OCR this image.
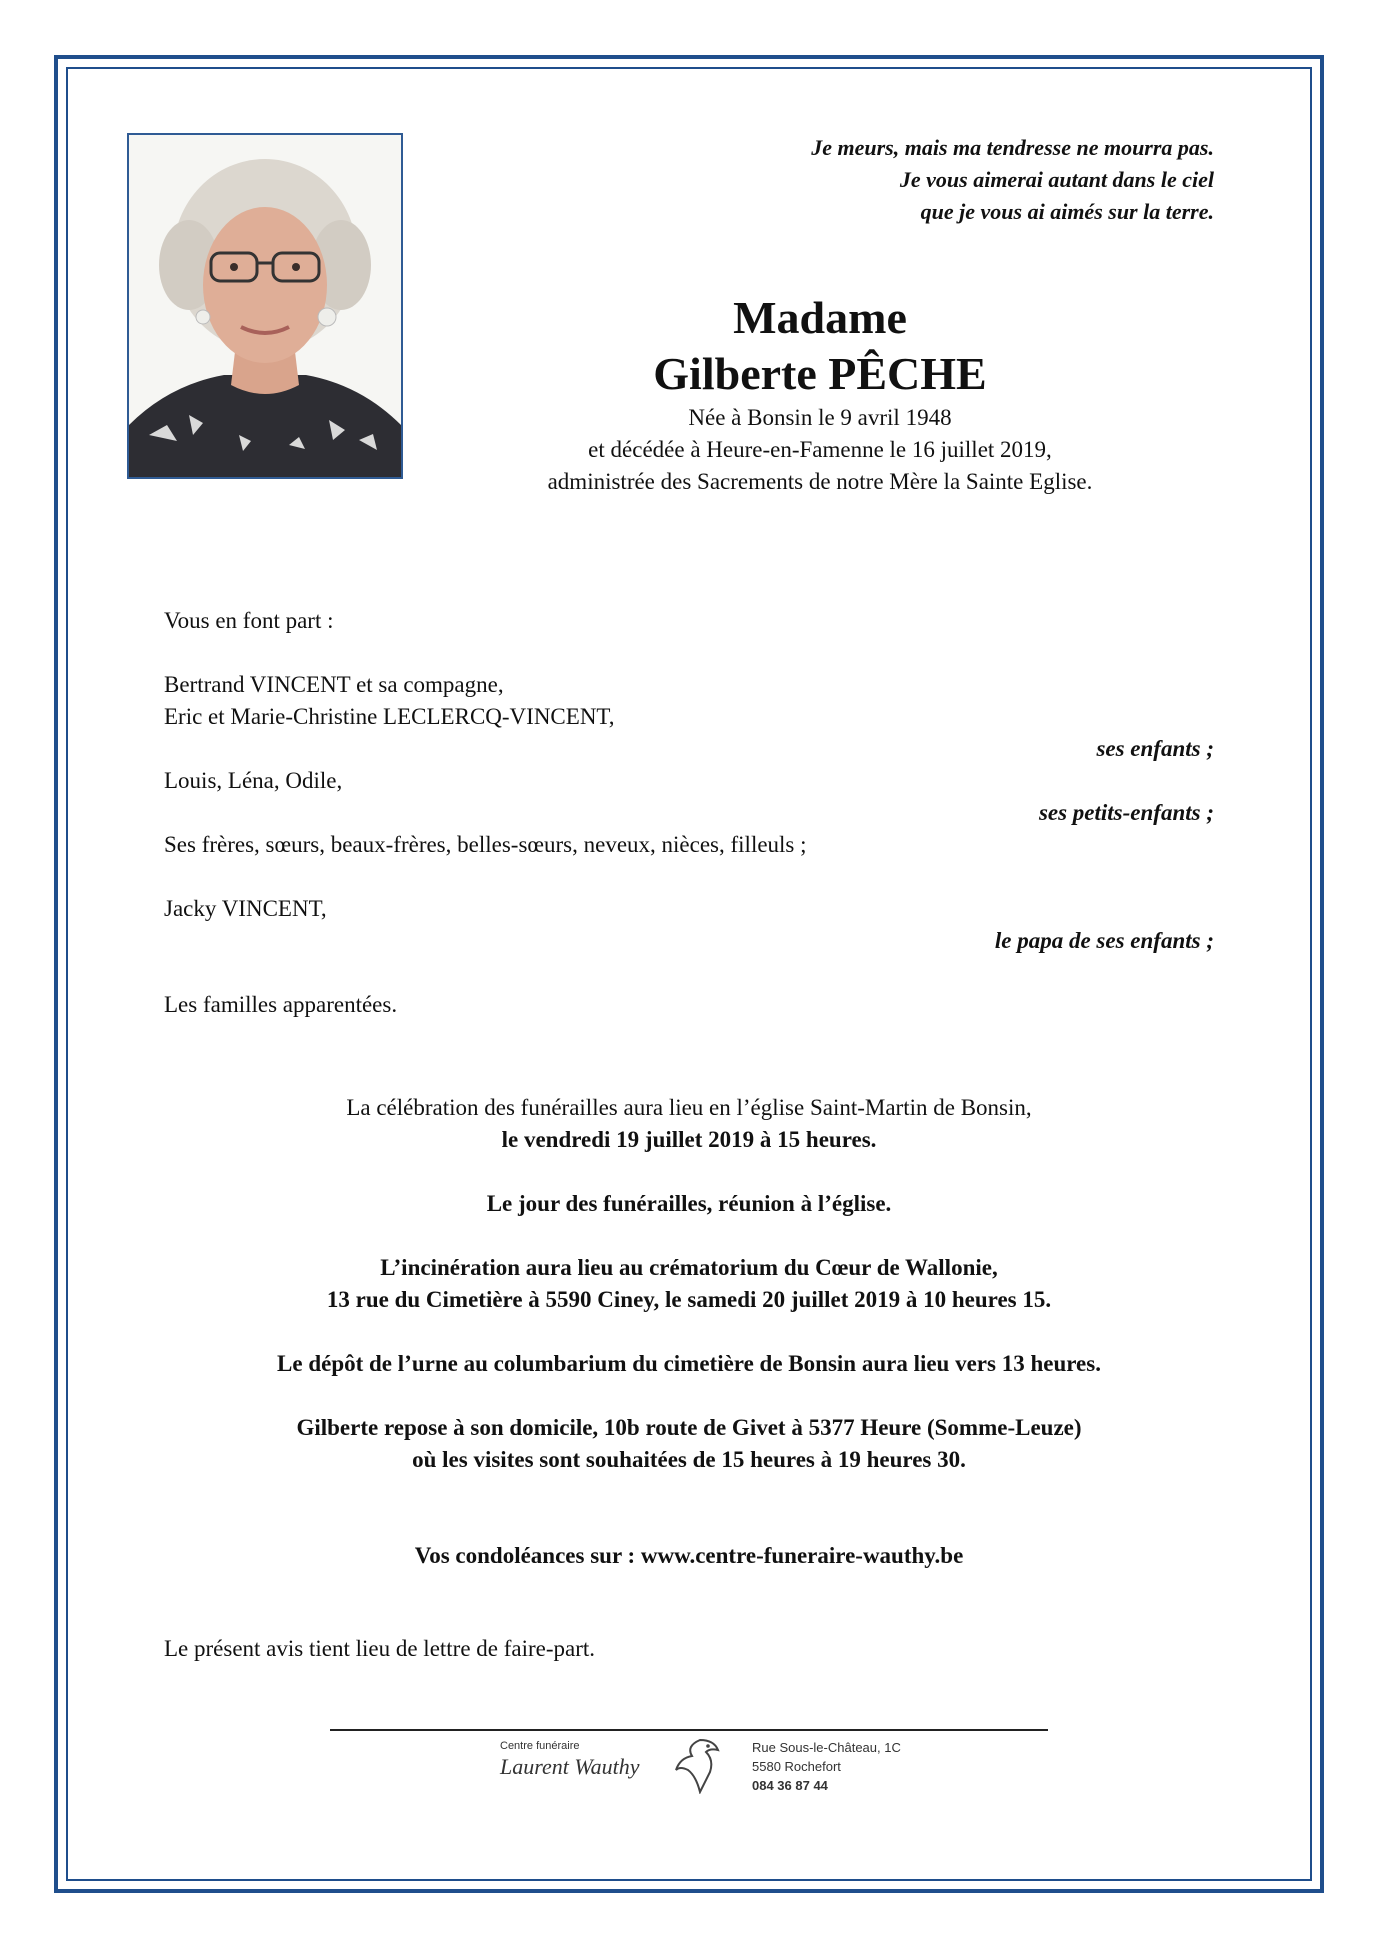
Je meurs, mais ma tendresse ne mourra pas.
Je vous aimerai autant dans le ciel
que je vous ai aimés sur la terre.
Madame
Gilberte PÊCHE
Née à Bonsin le 9 avril 1948
et décédée à Heure-en-Famenne le 16 juillet 2019,
administrée des Sacrements de notre Mère la Sainte Eglise.
Vous en font part :
Bertrand VINCENT et sa compagne,
Eric et Marie-Christine LECLERCQ-VINCENT,
ses enfants ;
Louis, Léna, Odile,
ses petits-enfants ;
Ses frères, sœurs, beaux-frères, belles-sœurs, neveux, nièces, filleuls ;
Jacky VINCENT,
le papa de ses enfants ;
Les familles apparentées.
La célébration des funérailles aura lieu en l’église Saint-Martin de Bonsin,
le vendredi 19 juillet 2019 à 15 heures.
Le jour des funérailles, réunion à l’église.
L’incinération aura lieu au crématorium du Cœur de Wallonie,
13 rue du Cimetière à 5590 Ciney, le samedi 20 juillet 2019 à 10 heures 15.
Le dépôt de l’urne au columbarium du cimetière de Bonsin aura lieu vers 13 heures.
Gilberte repose à son domicile, 10b route de Givet à 5377 Heure (Somme-Leuze)
où les visites sont souhaitées de 15 heures à 19 heures 30.
Vos condoléances sur : www.centre-funeraire-wauthy.be
Le présent avis tient lieu de lettre de faire-part.
Centre funéraire
Laurent Wauthy
Rue Sous-le-Château, 1C
5580 Rochefort
084 36 87 44
